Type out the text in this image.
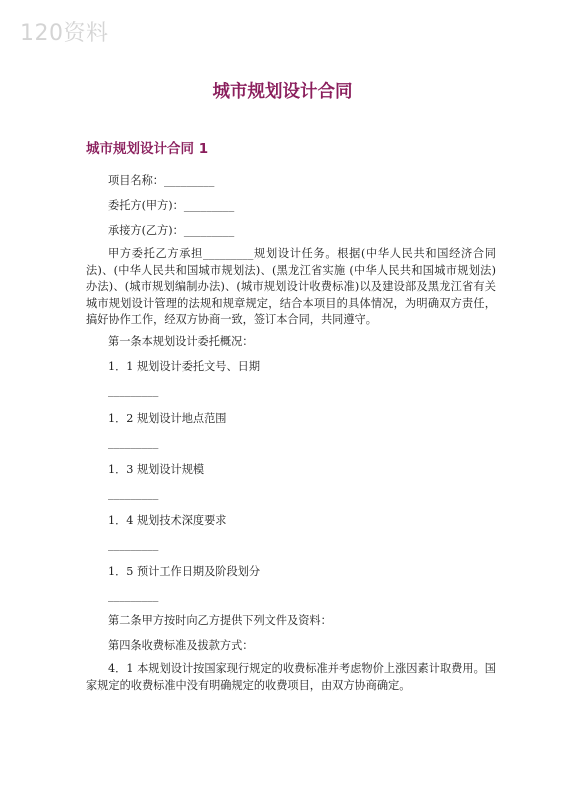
120资料
城市规划设计合同
城市规划设计合同 1
项目名称：_________
委托方(甲方)：_________
承接方(乙方)：_________
甲方委托乙方承担_________规划设计任务。根据(中华人民共和国经济合同法)、(中华人民共和国城市规划法)、(黑龙江省实施 (中华人民共和国城市规划法) 办法)、(城市规划编制办法)、(城市规划设计收费标准)以及建设部及黑龙江省有关城市规划设计管理的法规和规章规定，结合本项目的具体情况，为明确双方责任，搞好协作工作，经双方协商一致，签订本合同，共同遵守。
第一条本规划设计委托概况：
1．1 规划设计委托文号、日期
_________
1．2 规划设计地点范围
_________
1．3 规划设计规模
_________
1．4 规划技术深度要求
_________
1．5 预计工作日期及阶段划分
_________
第二条甲方按时向乙方提供下列文件及资料：
第四条收费标准及拔款方式：
4．1 本规划设计按国家现行规定的收费标准并考虑物价上涨因素计取费用。国家规定的收费标准中没有明确规定的收费项目，由双方协商确定。
